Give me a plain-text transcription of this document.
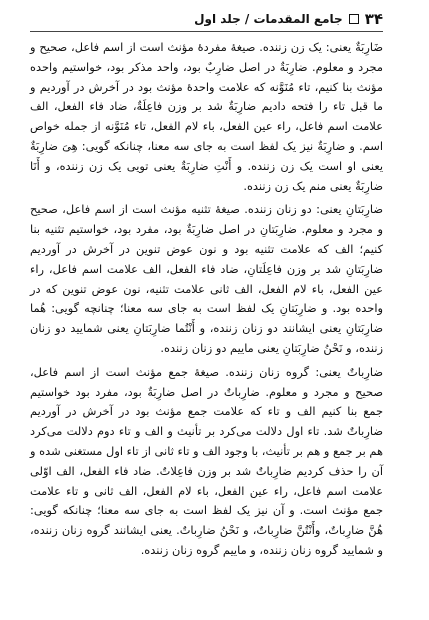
۳۴
جامع المقدمات / جلد اول

ضَارِبَةٌ یعنی: یک زن زننده. صیغهٔ مفردهٔ مؤنث است از اسم فاعل، صحیح و مجرد و معلوم. ضارِبَةٌ در اصل ضارِبٌ بود، واحد مذکر بود، خواستیم واحده مؤنث بنا کنیم، تاء مُنَوَّنه که علامت واحدهٔ مؤنث بود در آخرش در آوردیم و ما قبل تاء را فتحه دادیم ضارِبَةٌ شد بر وزن فاعِلَةٌ، ضاد فاء الفعل، الف علامت اسم فاعل، راء عین الفعل، باء لام الفعل، تاء مُنَوَّنه از جمله خواص اسم. و ضارِبَةٌ نیز یک لفظ است به جای سه معنا، چنانکه گویی: هِیَ ضارِبَةٌ یعنی او است یک زن زننده. و أَنْتِ ضارِبَةٌ یعنی تویی یک زن زننده، و أَنَا ضارِبَةٌ یعنی منم یک زن زننده.

ضارِبَتانِ یعنی: دو زنان زننده. صیغهٔ تثنیه مؤنث است از اسم فاعل، صحیح و مجرد و معلوم. ضارِبَتانِ در اصل ضارِبَةٌ بود، مفرد بود، خواستیم تثنیه بنا کنیم؛ الف که علامت تثنیه بود و نون عوض تنوین در آخرش در آوردیم ضارِبَتانِ شد بر وزن فاعِلَتانِ، ضاد فاء الفعل، الف علامت اسم فاعل، راء عین الفعل، باء لام الفعل، الف ثانی علامت تثنیه، نون عوض تنوین که در واحده بود. و ضارِبَتانِ یک لفظ است به جای سه معنا؛ چنانچه گویی: هُما ضارِبَتانِ یعنی ایشانند دو زنان زننده، و أَنْتُما ضارِبَتانِ یعنی شمایید دو زنان زننده، و نَحْنُ ضارِبَتانِ یعنی ماییم دو زنان زننده.

ضارِباتٌ یعنی: گروه زنان زننده. صیغهٔ جمع مؤنث است از اسم فاعل، صحیح و مجرد و معلوم. ضارِباتٌ در اصل ضارِبَةٌ بود، مفرد بود خواستیم جمع بنا کنیم الف و تاء که علامت جمع مؤنث بود در آخرش در آوردیم ضارِباتٌ شد. تاء اول دلالت می‌کرد بر تأنیث و الف و تاء دوم دلالت می‌کرد هم بر جمع و هم بر تأنیث، با وجود الف و تاء ثانی از تاء اول مستغنی شده و آن را حذف کردیم ضارِباتٌ شد بر وزن فاعِلاتٌ. ضاد فاء الفعل، الف اوّلی علامت اسم فاعل، راء عین الفعل، باء لام الفعل، الف ثانی و تاء علامت جمع مؤنث است. و آن نیز یک لفظ است به جای سه معنا؛ چنانکه گویی: هُنَّ ضارِباتٌ، وأَنْتُنَّ ضارِباتٌ، و نَحْنُ ضارِباتٌ. یعنی ایشانند گروه زنان زننده، و شمایید گروه زنان زننده، و ماییم گروه زنان زننده.
